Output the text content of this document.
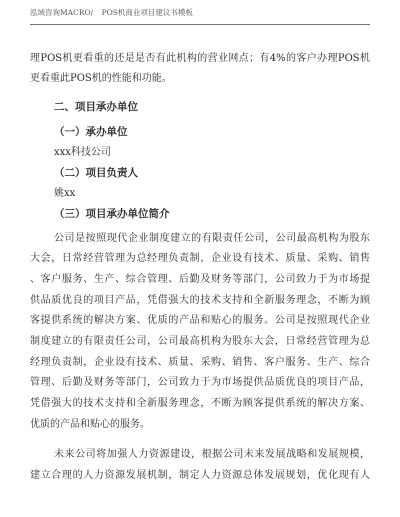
泓域咨询MACRO/ POS机商业项目建议书模板
理POS机更看重的还是是否有此机构的营业网点；有4%的客户办理POS机
更看重此POS机的性能和功能。
二、项目承办单位
（一）承办单位
xxx科技公司
（二）项目负责人
姚xx
（三）项目承办单位简介
公司是按照现代企业制度建立的有限责任公司，公司最高机构为股东
大会，日常经营管理为总经理负责制，企业设有技术、质量、采购、销售
、客户服务、生产、综合管理、后勤及财务等部门，公司致力于为市场提
供品质优良的项目产品，凭借强大的技术支持和全新服务理念，不断为顾
客提供系统的解决方案、优质的产品和贴心的服务。公司是按照现代企业
制度建立的有限责任公司，公司最高机构为股东大会，日常经营管理为总
经理负责制，企业设有技术、质量、采购、销售、客户服务、生产、综合
管理、后勤及财务等部门，公司致力于为市场提供品质优良的项目产品，
凭借强大的技术支持和全新服务理念，不断为顾客提供系统的解决方案、
优质的产品和贴心的服务。
未来公司将加强人力资源建设，根据公司未来发展战略和发展规模，
建立合理的人力资源发展机制，制定人力资源总体发展规划，优化现有人
